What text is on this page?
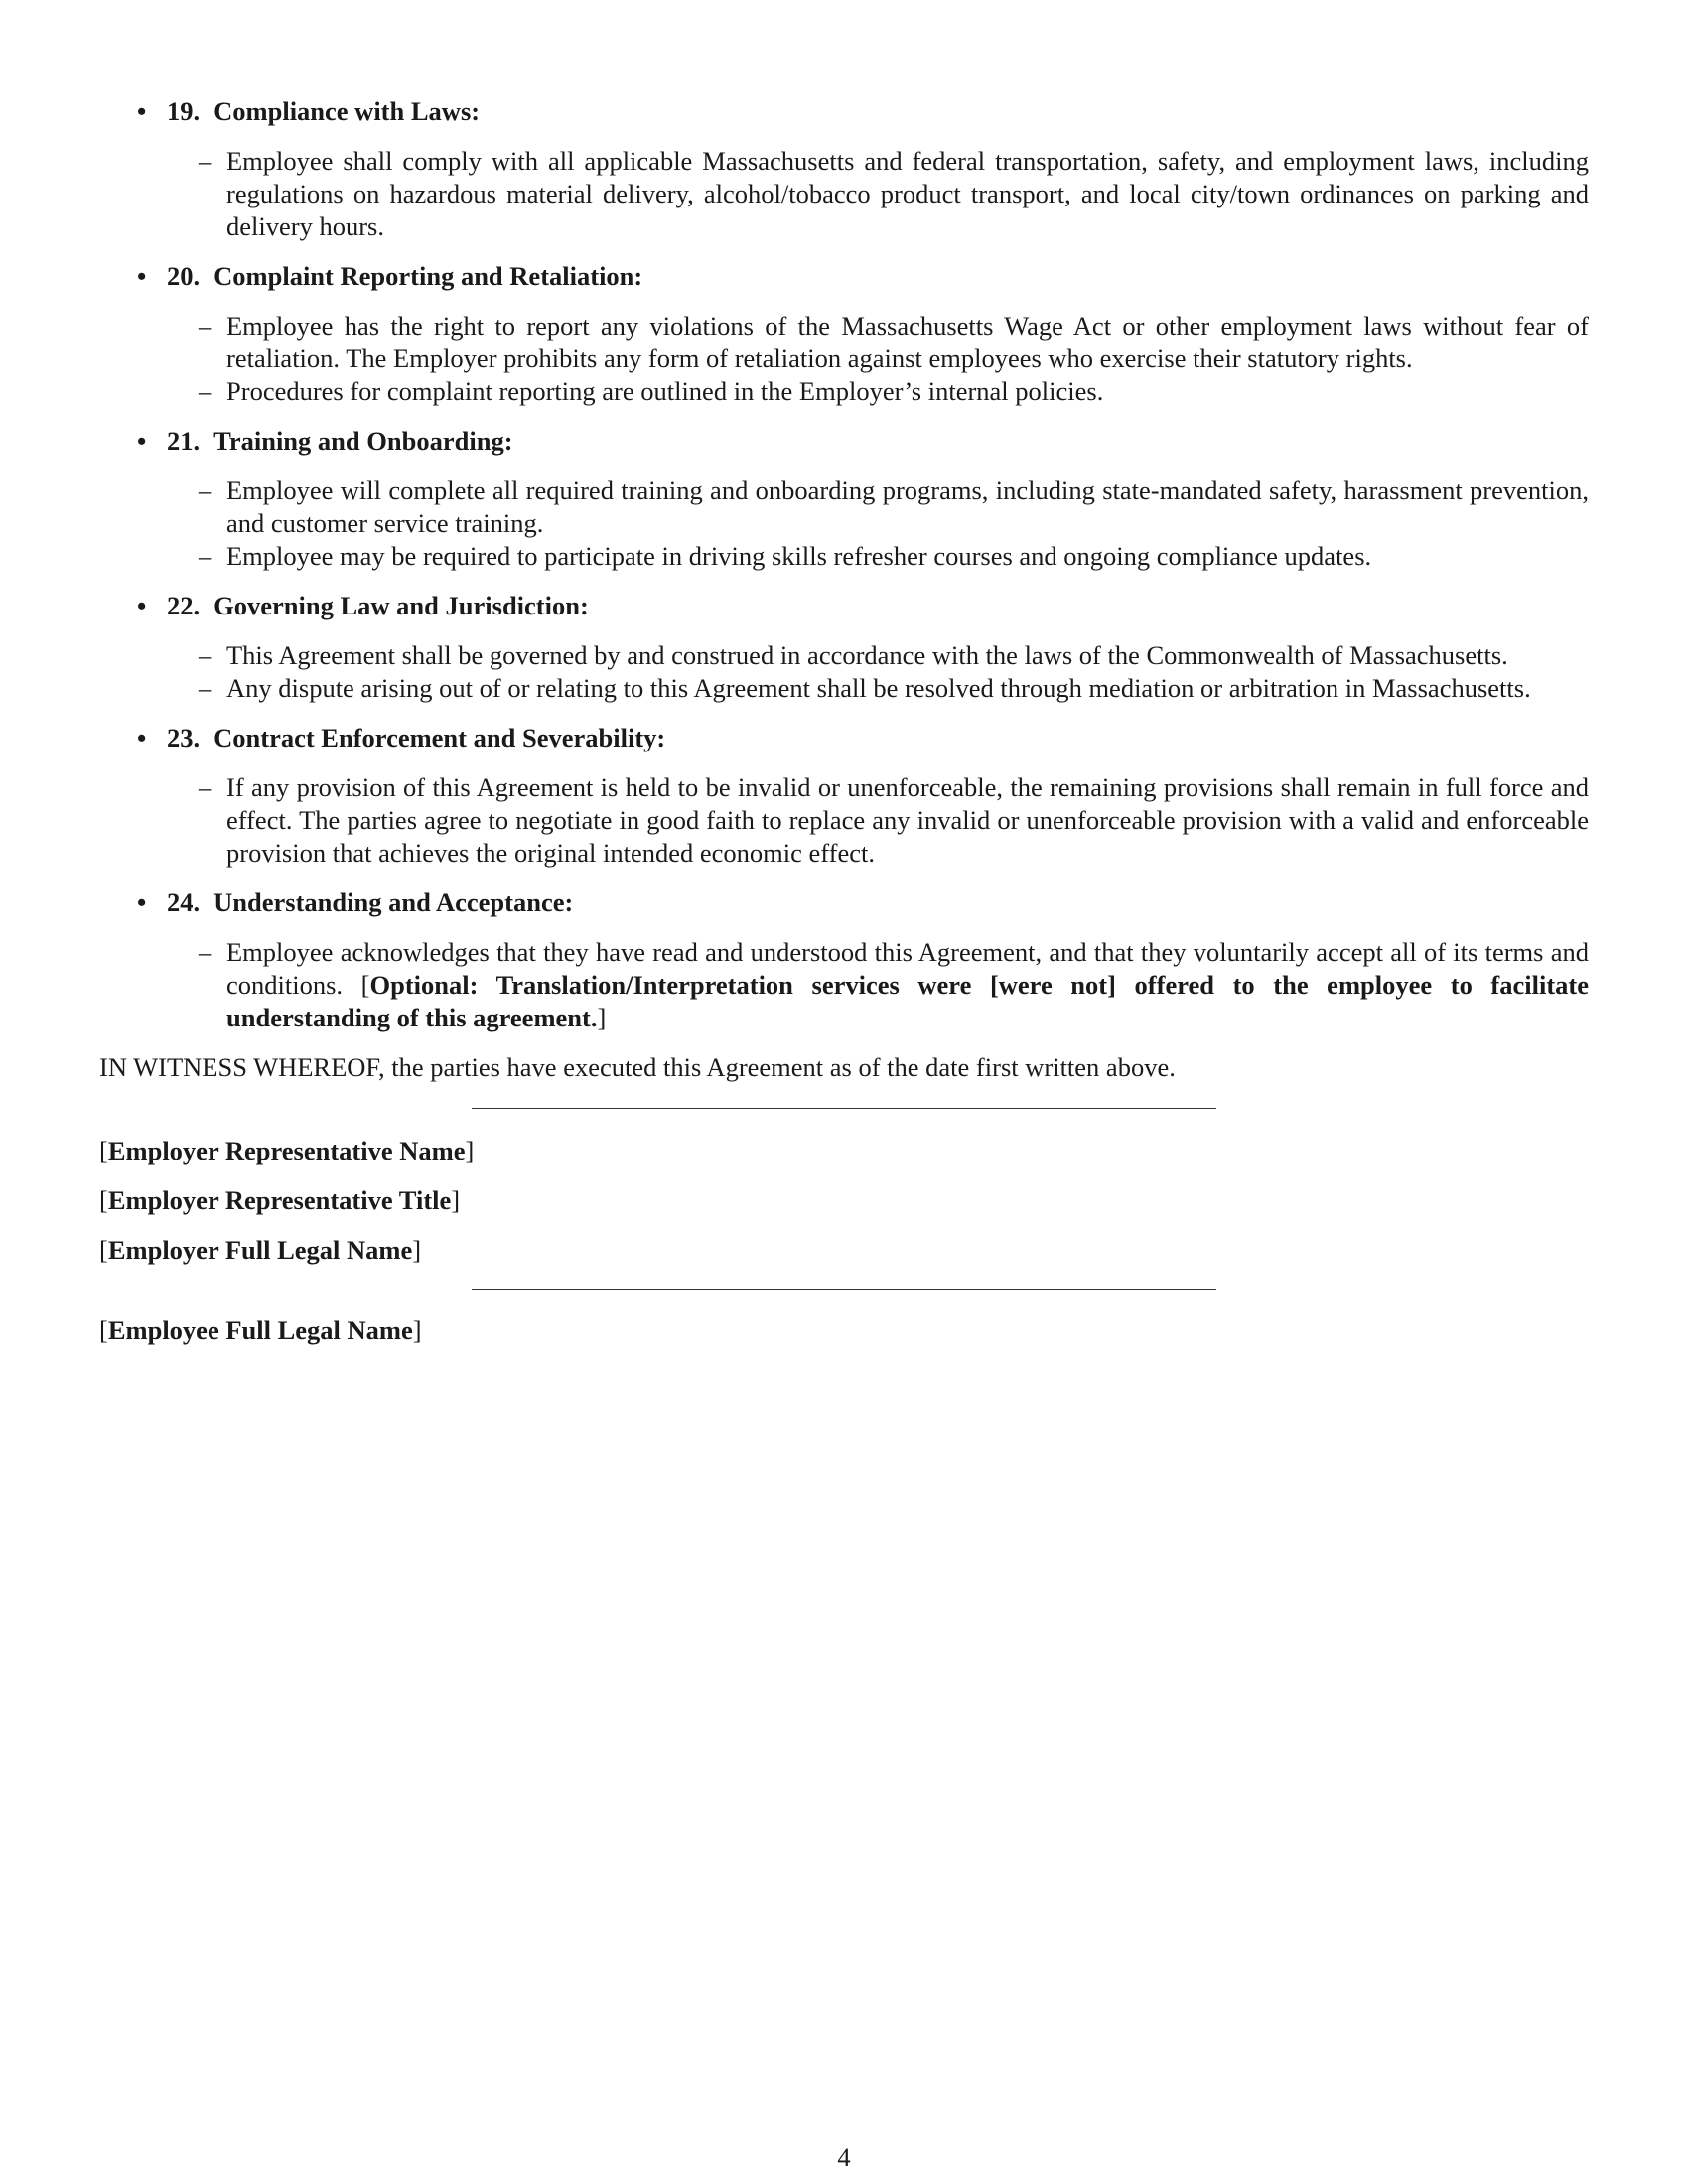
• 19. Compliance with Laws:
– Employee shall comply with all applicable Massachusetts and federal transportation, safety, and employment laws, including regulations on hazardous material delivery, alcohol/tobacco product transport, and local city/town ordinances on parking and delivery hours.
• 20. Complaint Reporting and Retaliation:
– Employee has the right to report any violations of the Massachusetts Wage Act or other employment laws without fear of retaliation. The Employer prohibits any form of retaliation against employees who exercise their statutory rights.
– Procedures for complaint reporting are outlined in the Employer’s internal policies.
• 21. Training and Onboarding:
– Employee will complete all required training and onboarding programs, including state-mandated safety, harassment prevention, and customer service training.
– Employee may be required to participate in driving skills refresher courses and ongoing compliance updates.
• 22. Governing Law and Jurisdiction:
– This Agreement shall be governed by and construed in accordance with the laws of the Commonwealth of Massachusetts.
– Any dispute arising out of or relating to this Agreement shall be resolved through mediation or arbitration in Massachusetts.
• 23. Contract Enforcement and Severability:
– If any provision of this Agreement is held to be invalid or unenforceable, the remaining provisions shall remain in full force and effect. The parties agree to negotiate in good faith to replace any invalid or unenforceable provision with a valid and enforceable provision that achieves the original intended economic effect.
• 24. Understanding and Acceptance:
– Employee acknowledges that they have read and understood this Agreement, and that they voluntarily accept all of its terms and conditions. [Optional: Translation/Interpretation services were [were not] offered to the employee to facilitate understanding of this agreement.]

IN WITNESS WHEREOF, the parties have executed this Agreement as of the date first written above.

[Employer Representative Name]
[Employer Representative Title]
[Employer Full Legal Name]
[Employee Full Legal Name]
4
